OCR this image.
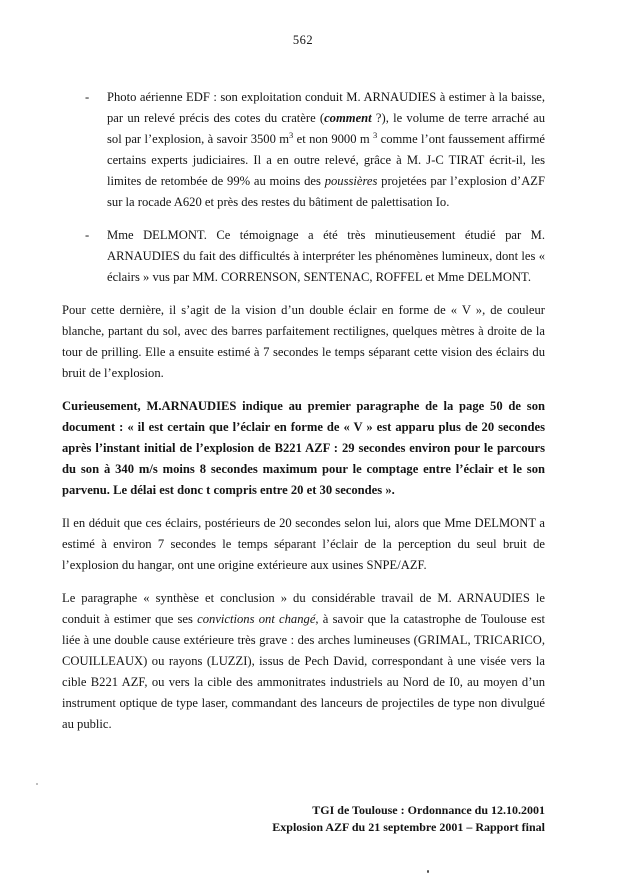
562
- Photo aérienne EDF : son exploitation conduit M. ARNAUDIES à estimer à la baisse, par un relevé précis des cotes du cratère (comment ?), le volume de terre arraché au sol par l’explosion, à savoir 3500 $m^3$ et non 9000 m $^3$ comme l’ont faussement affirmé certains experts judiciaires. Il a en outre relevé, grâce à M. J-C TIRAT écrit-il, les limites de retombée de 99% au moins des poussières projetées par l’explosion d’AZF sur la rocade A620 et près des restes du bâtiment de palettisation Io.
- Mme DELMONT. Ce témoignage a été très minutieusement étudié par M. ARNAUDIES du fait des difficultés à interpréter les phénomènes lumineux, dont les « éclairs » vus par MM. CORRENSON, SENTENAC, ROFFEL et Mme DELMONT.

Pour cette dernière, il s’agit de la vision d’un double éclair en forme de « V », de couleur blanche, partant du sol, avec des barres parfaitement rectilignes, quelques mètres à droite de la tour de prilling. Elle a ensuite estimé à 7 secondes le temps séparant cette vision des éclairs du bruit de l’explosion.

Curieusement, M.ARNAUDIES indique au premier paragraphe de la page 50 de son document : « il est certain que l’éclair en forme de « V » est apparu plus de 20 secondes après l’instant initial de l’explosion de B221 AZF : 29 secondes environ pour le parcours du son à 340 m/s moins 8 secondes maximum pour le comptage entre l’éclair et le son parvenu. Le délai est donc t compris entre 20 et 30 secondes ».

Il en déduit que ces éclairs, postérieurs de 20 secondes selon lui, alors que Mme DELMONT a estimé à environ 7 secondes le temps séparant l’éclair de la perception du seul bruit de l’explosion du hangar, ont une origine extérieure aux usines SNPE/AZF.

Le paragraphe « synthèse et conclusion » du considérable travail de M. ARNAUDIES le conduit à estimer que ses convictions ont changé, à savoir que la catastrophe de Toulouse est liée à une double cause extérieure très grave : des arches lumineuses (GRIMAL, TRICARICO, COUILLEAUX) ou rayons (LUZZI), issus de Pech David, correspondant à une visée vers la cible B221 AZF, ou vers la cible des ammonitrates industriels au Nord de I0, au moyen d’un instrument optique de type laser, commandant des lanceurs de projectiles de type non divulgué au public.

TGI de Toulouse : Ordonnance du 12.10.2001
Explosion AZF du 21 septembre 2001 – Rapport final
